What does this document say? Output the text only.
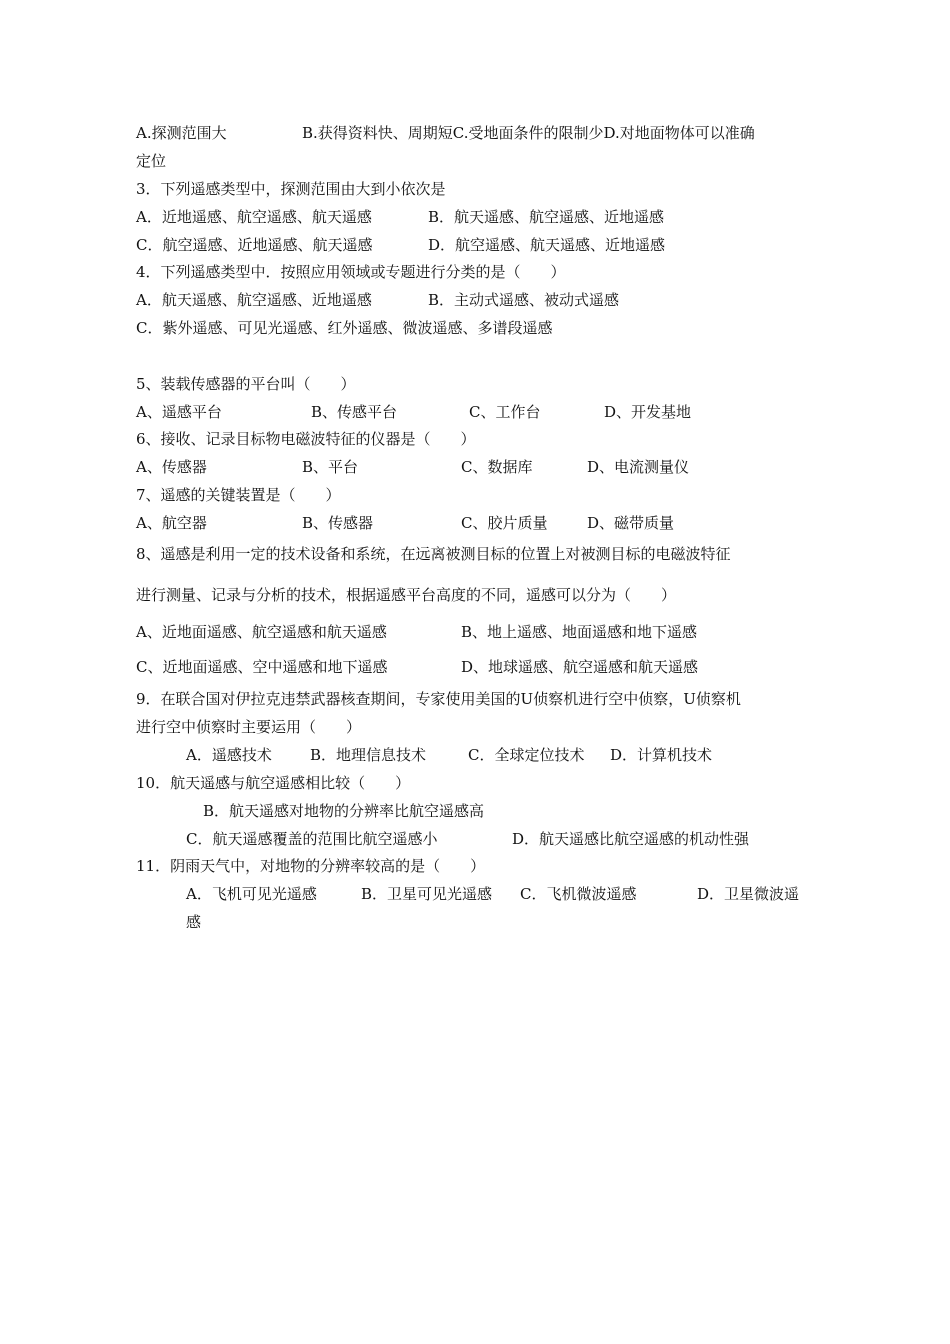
A.探测范围大	B.获得资料快、周期短C.受地面条件的限制少D.对地面物体可以准确
定位
3．下列遥感类型中，探测范围由大到小依次是
A．近地遥感、航空遥感、航天遥感	B．航天遥感、航空遥感、近地遥感
C．航空遥感、近地遥感、航天遥感	D．航空遥感、航天遥感、近地遥感
4．下列遥感类型中．按照应用领域或专题进行分类的是（　　）
A．航天遥感、航空遥感、近地遥感	B．主动式遥感、被动式遥感
C．紫外遥感、可见光遥感、红外遥感、微波遥感、多谱段遥感
5、装载传感器的平台叫（　　）
A、遥感平台	B、传感平台	C、工作台	D、开发基地
6、接收、记录目标物电磁波特征的仪器是（　　）
A、传感器	B、平台	C、数据库	D、电流测量仪
7、遥感的关键装置是（　　）
A、航空器	B、传感器	C、胶片质量	D、磁带质量
8、遥感是利用一定的技术设备和系统，在远离被测目标的位置上对被测目标的电磁波特征
进行测量、记录与分析的技术，根据遥感平台高度的不同，遥感可以分为（　　）
A、近地面遥感、航空遥感和航天遥感	B、地上遥感、地面遥感和地下遥感
C、近地面遥感、空中遥感和地下遥感	D、地球遥感、航空遥感和航天遥感
9．在联合国对伊拉克违禁武器核查期间，专家使用美国的U侦察机进行空中侦察，U侦察机
进行空中侦察时主要运用（　　）
A．遥感技术	B．地理信息技术	C．全球定位技术 D．计算机技术
10．航天遥感与航空遥感相比较（　　）
B．航天遥感对地物的分辨率比航空遥感高
C．航天遥感覆盖的范围比航空遥感小	D．航天遥感比航空遥感的机动性强
11．阴雨天气中，对地物的分辨率较高的是（　　）
A．飞机可见光遥感	B．卫星可见光遥感 C．飞机微波遥感	D．卫星微波遥
感
